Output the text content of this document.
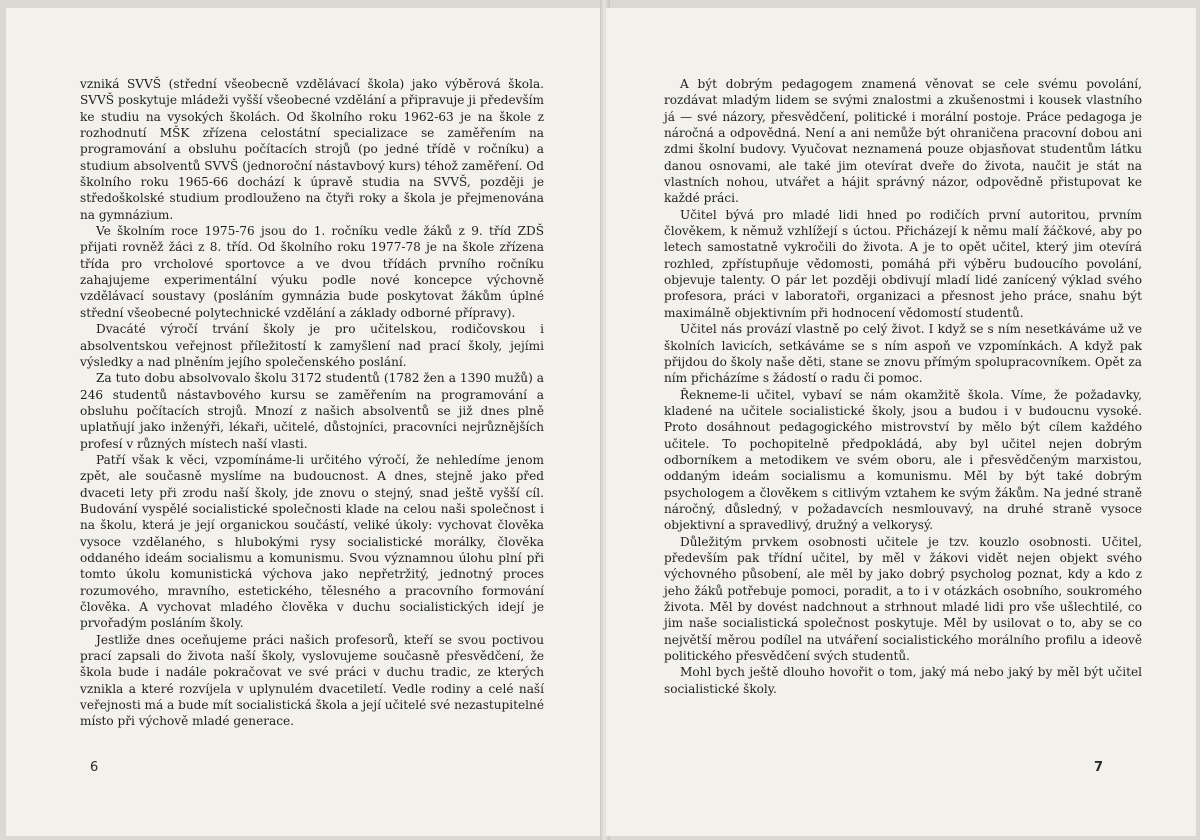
vzniká SVVŠ (střední všeobecně vzdělávací škola) jako výběrová škola. SVVŠ poskytuje mládeži vyšší všeobecné vzdělání a připravuje ji především ke studiu na vysokých školách. Od školního roku 1962-63 je na škole z rozhodnutí MŠK zřízena celostátní specializace se zaměřením na programování a obsluhu počítacích strojů (po jedné třídě v ročníku) a studium absolventů SVVŠ (jednoroční nástavbový kurs) téhož zaměření. Od školního roku 1965-66 dochází k úpravě studia na SVVŠ, později je středoškolské studium prodlouženo na čtyři roky a škola je přejmenována na gymnázium.

Ve školním roce 1975-76 jsou do 1. ročníku vedle žáků z 9. tříd ZDŠ přijati rovněž žáci z 8. tříd. Od školního roku 1977-78 je na škole zřízena třída pro vrcholové sportovce a ve dvou třídách prvního ročníku zahajujeme experimentální výuku podle nové koncepce výchovně vzdělávací soustavy (posláním gymnázia bude poskytovat žákům úplné střední všeobecné polytechnické vzdělání a základy odborné přípravy).

Dvacáté výročí trvání školy je pro učitelskou, rodičovskou i absolventskou veřejnost příležitostí k zamyšlení nad prací školy, jejími výsledky a nad plněním jejího společenského poslání.

Za tuto dobu absolvovalo školu 3172 studentů (1782 žen a 1390 mužů) a 246 studentů nástavbového kursu se zaměřením na programování a obsluhu počítacích strojů. Mnozí z našich absolventů se již dnes plně uplatňují jako inženýři, lékaři, učitelé, důstojníci, pracovníci nejrůznějších profesí v různých místech naší vlasti.

Patří však k věci, vzpomínáme-li určitého výročí, že nehledíme jenom zpět, ale současně myslíme na budoucnost. A dnes, stejně jako před dvaceti lety při zrodu naší školy, jde znovu o stejný, snad ještě vyšší cíl. Budování vyspělé socialistické společnosti klade na celou naši společnost i na školu, která je její organickou součástí, veliké úkoly: vychovat člověka vysoce vzdělaného, s hlubokými rysy socialistické morálky, člověka oddaného ideám socialismu a komunismu. Svou významnou úlohu plní při tomto úkolu komunistická výchova jako nepřetržitý, jednotný proces rozumového, mravního, estetického, tělesného a pracovního formování člověka. A vychovat mladého člověka v duchu socialistických idejí je prvořadým posláním školy.

Jestliže dnes oceňujeme práci našich profesorů, kteří se svou poctivou prací zapsali do života naší školy, vyslovujeme současně přesvědčení, že škola bude i nadále pokračovat ve své práci v duchu tradic, ze kterých vznikla a které rozvíjela v uplynulém dvacetiletí. Vedle rodiny a celé naší veřejnosti má a bude mít socialistická škola a její učitelé své nezastupitelné místo při výchově mladé generace.

6

A být dobrým pedagogem znamená věnovat se cele svému povolání, rozdávat mladým lidem se svými znalostmi a zkušenostmi i kousek vlastního já — své názory, přesvědčení, politické i morální postoje. Práce pedagoga je náročná a odpovědná. Není a ani nemůže být ohraničena pracovní dobou ani zdmi školní budovy. Vyučovat neznamená pouze objasňovat studentům látku danou osnovami, ale také jim otevírat dveře do života, naučit je stát na vlastních nohou, utvářet a hájit správný názor, odpovědně přistupovat ke každé práci.

Učitel bývá pro mladé lidi hned po rodičích první autoritou, prvním člověkem, k němuž vzhlížejí s úctou. Přicházejí k němu malí žáčkové, aby po letech samostatně vykročili do života. A je to opět učitel, který jim otevírá rozhled, zpřístupňuje vědomosti, pomáhá při výběru budoucího povolání, objevuje talenty. O pár let později obdivují mladí lidé zanícený výklad svého profesora, práci v laboratoři, organizaci a přesnost jeho práce, snahu být maximálně objektivním při hodnocení vědomostí studentů.

Učitel nás provází vlastně po celý život. I když se s ním nesetkáváme už ve školních lavicích, setkáváme se s ním aspoň ve vzpomínkách. A když pak přijdou do školy naše děti, stane se znovu přímým spolupracovníkem. Opět za ním přicházíme s žádostí o radu či pomoc.

Řekneme-li učitel, vybaví se nám okamžitě škola. Víme, že požadavky, kladené na učitele socialistické školy, jsou a budou i v budoucnu vysoké. Proto dosáhnout pedagogického mistrovství by mělo být cílem každého učitele. To pochopitelně předpokládá, aby byl učitel nejen dobrým odborníkem a metodikem ve svém oboru, ale i přesvědčeným marxistou, oddaným ideám socialismu a komunismu. Měl by být také dobrým psychologem a člověkem s citlivým vztahem ke svým žákům. Na jedné straně náročný, důsledný, v požadavcích nesmlouvavý, na druhé straně vysoce objektivní a spravedlivý, družný a velkorysý.

Důležitým prvkem osobnosti učitele je tzv. kouzlo osobnosti. Učitel, především pak třídní učitel, by měl v žákovi vidět nejen objekt svého výchovného působení, ale měl by jako dobrý psycholog poznat, kdy a kdo z jeho žáků potřebuje pomoci, poradit, a to i v otázkách osobního, soukromého života. Měl by dovést nadchnout a strhnout mladé lidi pro vše ušlechtilé, co jim naše socialistická společnost poskytuje. Měl by usilovat o to, aby se co největší měrou podílel na utváření socialistického morálního profilu a ideově politického přesvědčení svých studentů.

Mohl bych ještě dlouho hovořit o tom, jaký má nebo jaký by měl být učitel socialistické školy.

7
